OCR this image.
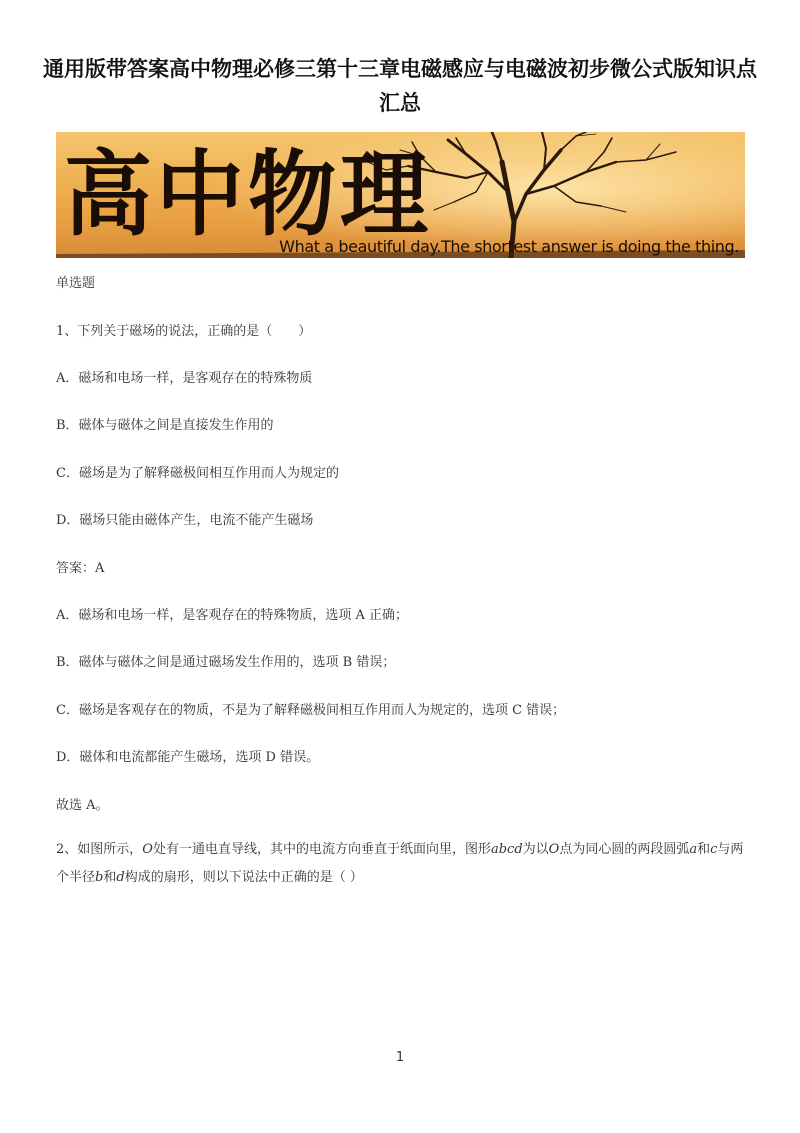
通用版带答案高中物理必修三第十三章电磁感应与电磁波初步微公式版知识点汇总
高中物理
What a beautiful day.The shortest answer is doing the thing.
单选题
1、下列关于磁场的说法，正确的是（　　）
A．磁场和电场一样，是客观存在的特殊物质
B．磁体与磁体之间是直接发生作用的
C．磁场是为了解释磁极间相互作用而人为规定的
D．磁场只能由磁体产生，电流不能产生磁场
答案：A
A．磁场和电场一样，是客观存在的特殊物质，选项 A 正确；
B．磁体与磁体之间是通过磁场发生作用的，选项 B 错误；
C．磁场是客观存在的物质，不是为了解释磁极间相互作用而人为规定的，选项 C 错误；
D．磁体和电流都能产生磁场，选项 D 错误。
故选 A。
2、如图所示，O处有一通电直导线，其中的电流方向垂直于纸面向里，图形abcd为以O点为同心圆的两段圆弧a和c与两个半径b和d构成的扇形，则以下说法中正确的是（ ）
1
